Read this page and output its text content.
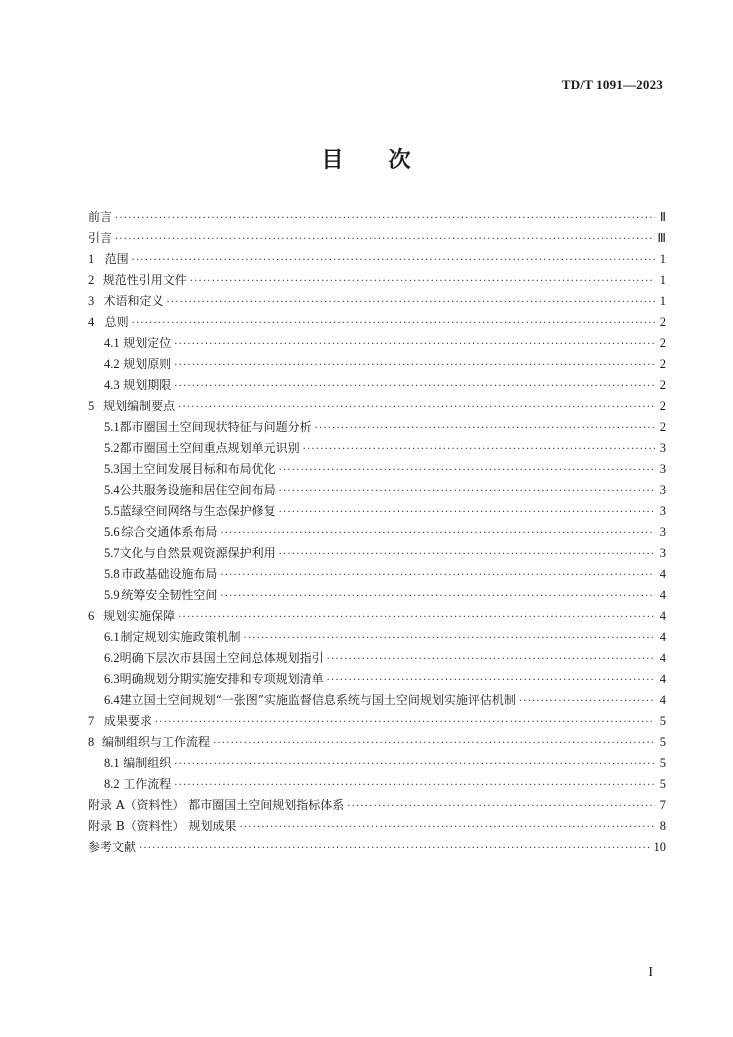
TD/T 1091—2023
目 次
前言 ·····	Ⅱ
引言 ·····	Ⅲ
1 范围 ·····	1
2 规范性引用文件 ·····	1
3 术语和定义 ·····	1
4 总则 ·····	2
4.1 规划定位 ·····	2
4.2 规划原则 ·····	2
4.3 规划期限 ·····	2
5 规划编制要点 ·····	2
5.1 都市圈国土空间现状特征与问题分析 ·····	2
5.2 都市圈国土空间重点规划单元识别 ·····	3
5.3 国土空间发展目标和布局优化 ·····	3
5.4 公共服务设施和居住空间布局 ·····	3
5.5 蓝绿空间网络与生态保护修复 ·····	3
5.6 综合交通体系布局 ·····	3
5.7 文化与自然景观资源保护利用 ·····	3
5.8 市政基础设施布局 ·····	4
5.9 统筹安全韧性空间 ·····	4
6 规划实施保障 ·····	4
6.1 制定规划实施政策机制 ·····	4
6.2 明确下层次市县国土空间总体规划指引 ·····	4
6.3 明确规划分期实施安排和专项规划清单 ·····	4
6.4 建立国土空间规划“一张图”实施监督信息系统与国土空间规划实施评估机制 ·····	4
7 成果要求 ·····	5
8 编制组织与工作流程 ·····	5
8.1 编制组织 ·····	5
8.2 工作流程 ·····	5
附录 A（资料性） 都市圈国土空间规划指标体系 ·····	7
附录 B（资料性） 规划成果 ·····	8
参考文献 ·····	10
I
